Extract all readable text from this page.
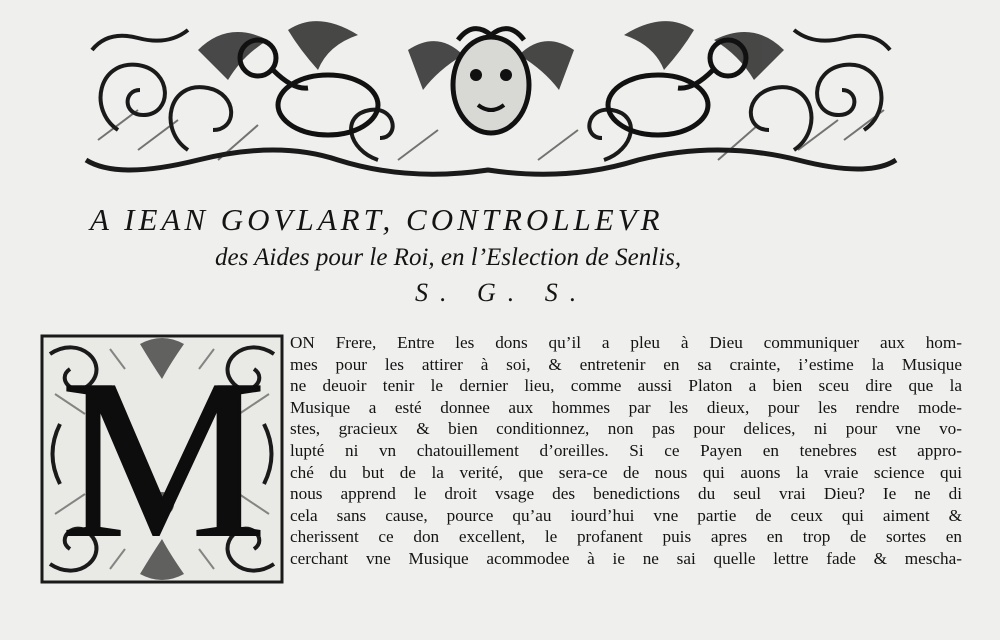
A IEAN GOVLART, CONTROLLEVR
des Aides pour le Roi, en l’Eslection de Senlis,
S. G. S.
M	ON Frere, Entre les dons qu’il a pleu à Dieu communiquer aux hom-
mes pour les attirer à soi, & entretenir en sa crainte, i’estime la Musique
ne deuoir tenir le dernier lieu, comme aussi Platon a bien sceu dire que la
Musique a esté donnee aux hommes par les dieux, pour les rendre mode-
stes, gracieux & bien conditionnez, non pas pour delices, ni pour vne vo-
lupté ni vn chatouillement d’oreilles. Si ce Payen en tenebres est appro-
ché du but de la verité, que sera-ce de nous qui auons la vraie science qui
nous apprend le droit vsage des benedictions du seul vrai Dieu? Ie ne di
cela sans cause, pource qu’au iourd’hui vne partie de ceux qui aiment &
cherissent ce don excellent, le profanent puis apres en trop de sortes en
cerchant vne Musique acommodee à ie ne sai quelle lettre fade & mescha-
